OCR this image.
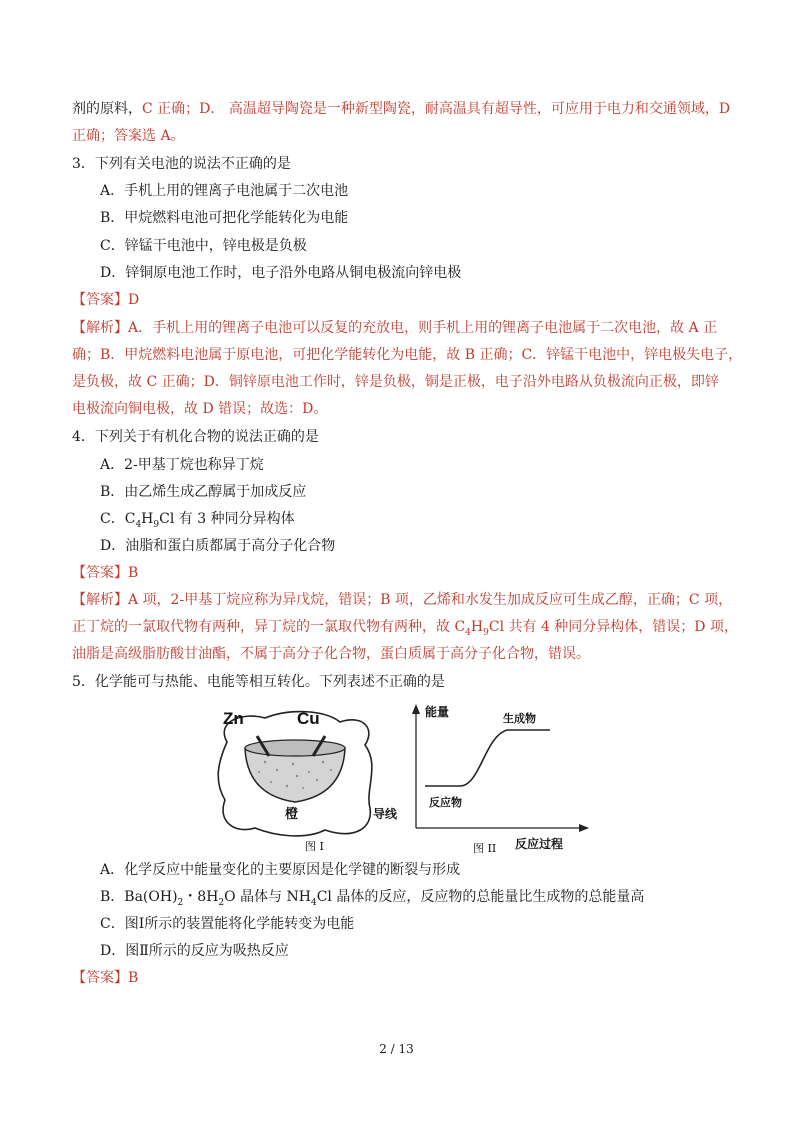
剂的原料，C 正确；D． 高温超导陶瓷是一种新型陶瓷，耐高温具有超导性，可应用于电力和交通领域，D
正确；答案选 A。
3．下列有关电池的说法不正确的是
A．手机上用的锂离子电池属于二次电池
B．甲烷燃料电池可把化学能转化为电能
C．锌锰干电池中，锌电极是负极
D．锌铜原电池工作时，电子沿外电路从铜电极流向锌电极
【答案】D
【解析】A．手机上用的锂离子电池可以反复的充放电，则手机上用的锂离子电池属于二次电池，故 A 正
确；B．甲烷燃料电池属于原电池，可把化学能转化为电能，故 B 正确；C．锌锰干电池中，锌电极失电子，
是负极，故 C 正确；D．铜锌原电池工作时，锌是负极，铜是正极，电子沿外电路从负极流向正极，即锌
电极流向铜电极，故 D 错误；故选：D。
4．下列关于有机化合物的说法正确的是
A．2-甲基丁烷也称异丁烷
B．由乙烯生成乙醇属于加成反应
C．$C_4H_9Cl$ 有 3 种同分异构体
D．油脂和蛋白质都属于高分子化合物
【答案】B
【解析】A 项，2-甲基丁烷应称为异戊烷，错误；B 项，乙烯和水发生加成反应可生成乙醇，正确；C 项，
正丁烷的一氯取代物有两种，异丁烷的一氯取代物有两种，故 $C_4H_9Cl$ 共有 4 种同分异构体，错误；D 项，
油脂是高级脂肪酸甘油酯，不属于高分子化合物，蛋白质属于高分子化合物，错误。
5．化学能可与热能、电能等相互转化。下列表述不正确的是
Zn	Cu
橙	导线
图 I
能量	生成物
反应物
反应过程
图 II
A．化学反应中能量变化的主要原因是化学键的断裂与形成
B．$Ba(OH)_2$・$8H_2O$ 晶体与 $NH_4Cl$ 晶体的反应，反应物的总能量比生成物的总能量高
C．图Ⅰ所示的装置能将化学能转变为电能
D．图Ⅱ所示的反应为吸热反应
【答案】B
2 / 13
